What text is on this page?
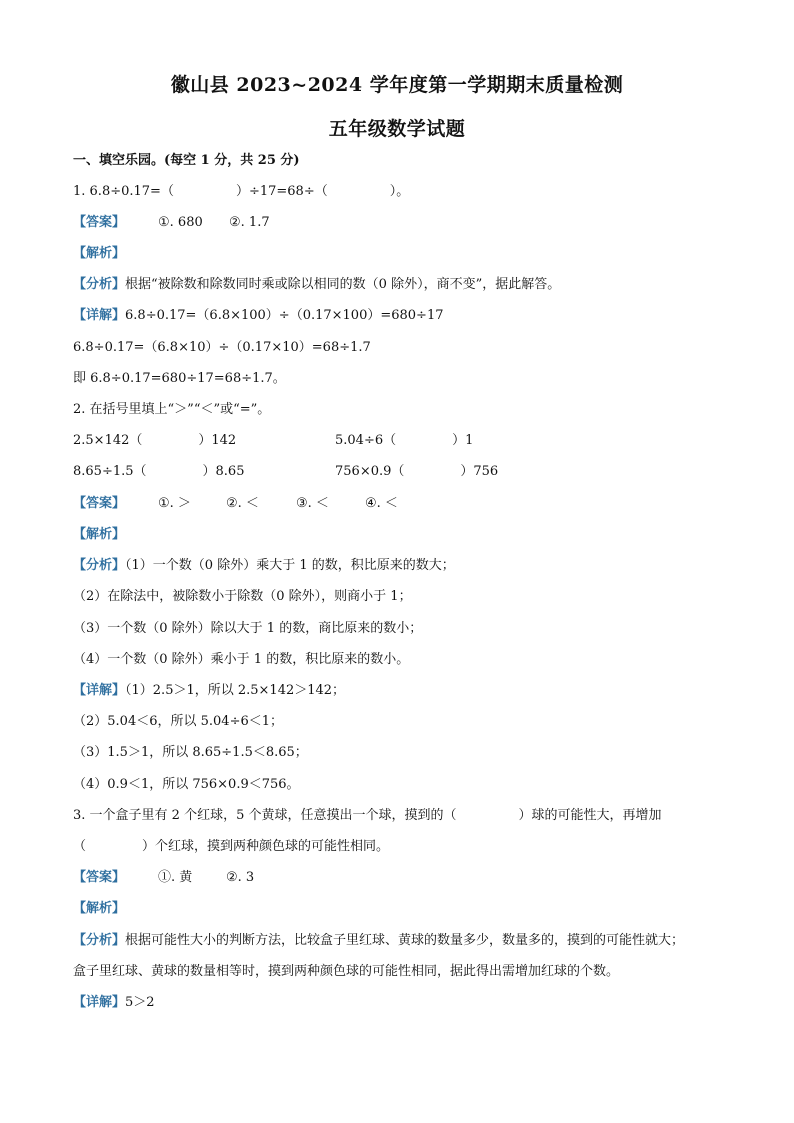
徽山县 2023~2024 学年度第一学期期末质量检测
五年级数学试题
一、填空乐园。(每空 1 分，共 25 分)
1. 6.8÷0.17=（	）÷17=68÷（	）。
【答案】	①. 680 ②. 1.7
【解析】
【分析】根据“被除数和除数同时乘或除以相同的数（0 除外），商不变”，据此解答。
【详解】6.8÷0.17=（6.8×100）÷（0.17×100）=680÷17
6.8÷0.17=（6.8×10）÷（0.17×10）=68÷1.7
即 6.8÷0.17=680÷17=68÷1.7。
2. 在括号里填上“＞”“＜”或“=”。
2.5×142（	）142	5.04÷6（	）1
8.65÷1.5（	）8.65	756×0.9（	）756
【答案】	①. ＞	②. ＜	③. ＜	④. ＜
【解析】
【分析】（1）一个数（0 除外）乘大于 1 的数，积比原来的数大；
（2）在除法中，被除数小于除数（0 除外），则商小于 1；
（3）一个数（0 除外）除以大于 1 的数，商比原来的数小；
（4）一个数（0 除外）乘小于 1 的数，积比原来的数小。
【详解】（1）2.5＞1，所以 2.5×142＞142；
（2）5.04＜6，所以 5.04÷6＜1；
（3）1.5＞1，所以 8.65÷1.5＜8.65；
（4）0.9＜1，所以 756×0.9＜756。
3. 一个盒子里有 2 个红球，5 个黄球，任意摸出一个球，摸到的（	）球的可能性大，再增加
（	）个红球，摸到两种颜色球的可能性相同。
【答案】	①. 黄	②. 3
【解析】
【分析】根据可能性大小的判断方法，比较盒子里红球、黄球的数量多少，数量多的，摸到的可能性就大；
盒子里红球、黄球的数量相等时，摸到两种颜色球的可能性相同，据此得出需增加红球的个数。
【详解】5＞2
